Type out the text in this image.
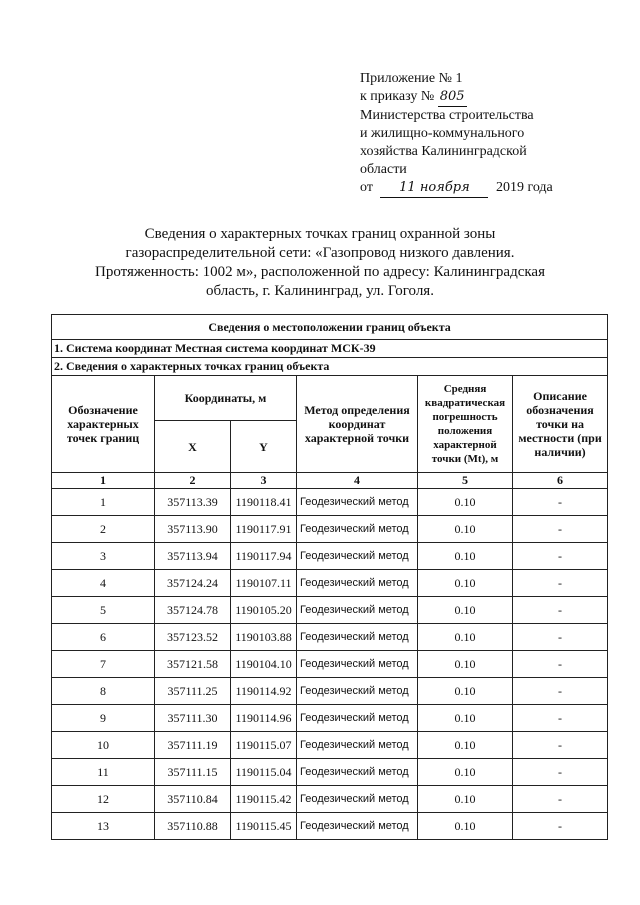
Приложение № 1
к приказу № 805
Министерства строительства
и жилищно-коммунального
хозяйства Калининградской
области
от 11 ноября 2019 года
Сведения о характерных точках границ охранной зоны газораспределительной сети: «Газопровод низкого давления. Протяженность: 1002 м», расположенной по адресу: Калининградская область, г. Калининград, ул. Гоголя.
Сведения о местоположении границ объекта					
1. Система координат Местная система координат МСК-39					
2. Сведения о характерных точках границ объекта					
Обозначение характерных точек границ	Координаты, м		Метод определения координат характерной точки	Средняя квадратическая погрешность положения характерной точки (Mt), м	Описание обозначения точки на местности (при наличии)
	X	Y			
1	2	3	4	5	6
1	357113.39	1190118.41	Геодезический метод	0.10	-
2	357113.90	1190117.91	Геодезический метод	0.10	-
3	357113.94	1190117.94	Геодезический метод	0.10	-
4	357124.24	1190107.11	Геодезический метод	0.10	-
5	357124.78	1190105.20	Геодезический метод	0.10	-
6	357123.52	1190103.88	Геодезический метод	0.10	-
7	357121.58	1190104.10	Геодезический метод	0.10	-
8	357111.25	1190114.92	Геодезический метод	0.10	-
9	357111.30	1190114.96	Геодезический метод	0.10	-
10	357111.19	1190115.07	Геодезический метод	0.10	-
11	357111.15	1190115.04	Геодезический метод	0.10	-
12	357110.84	1190115.42	Геодезический метод	0.10	-
13	357110.88	1190115.45	Геодезический метод	0.10	-
